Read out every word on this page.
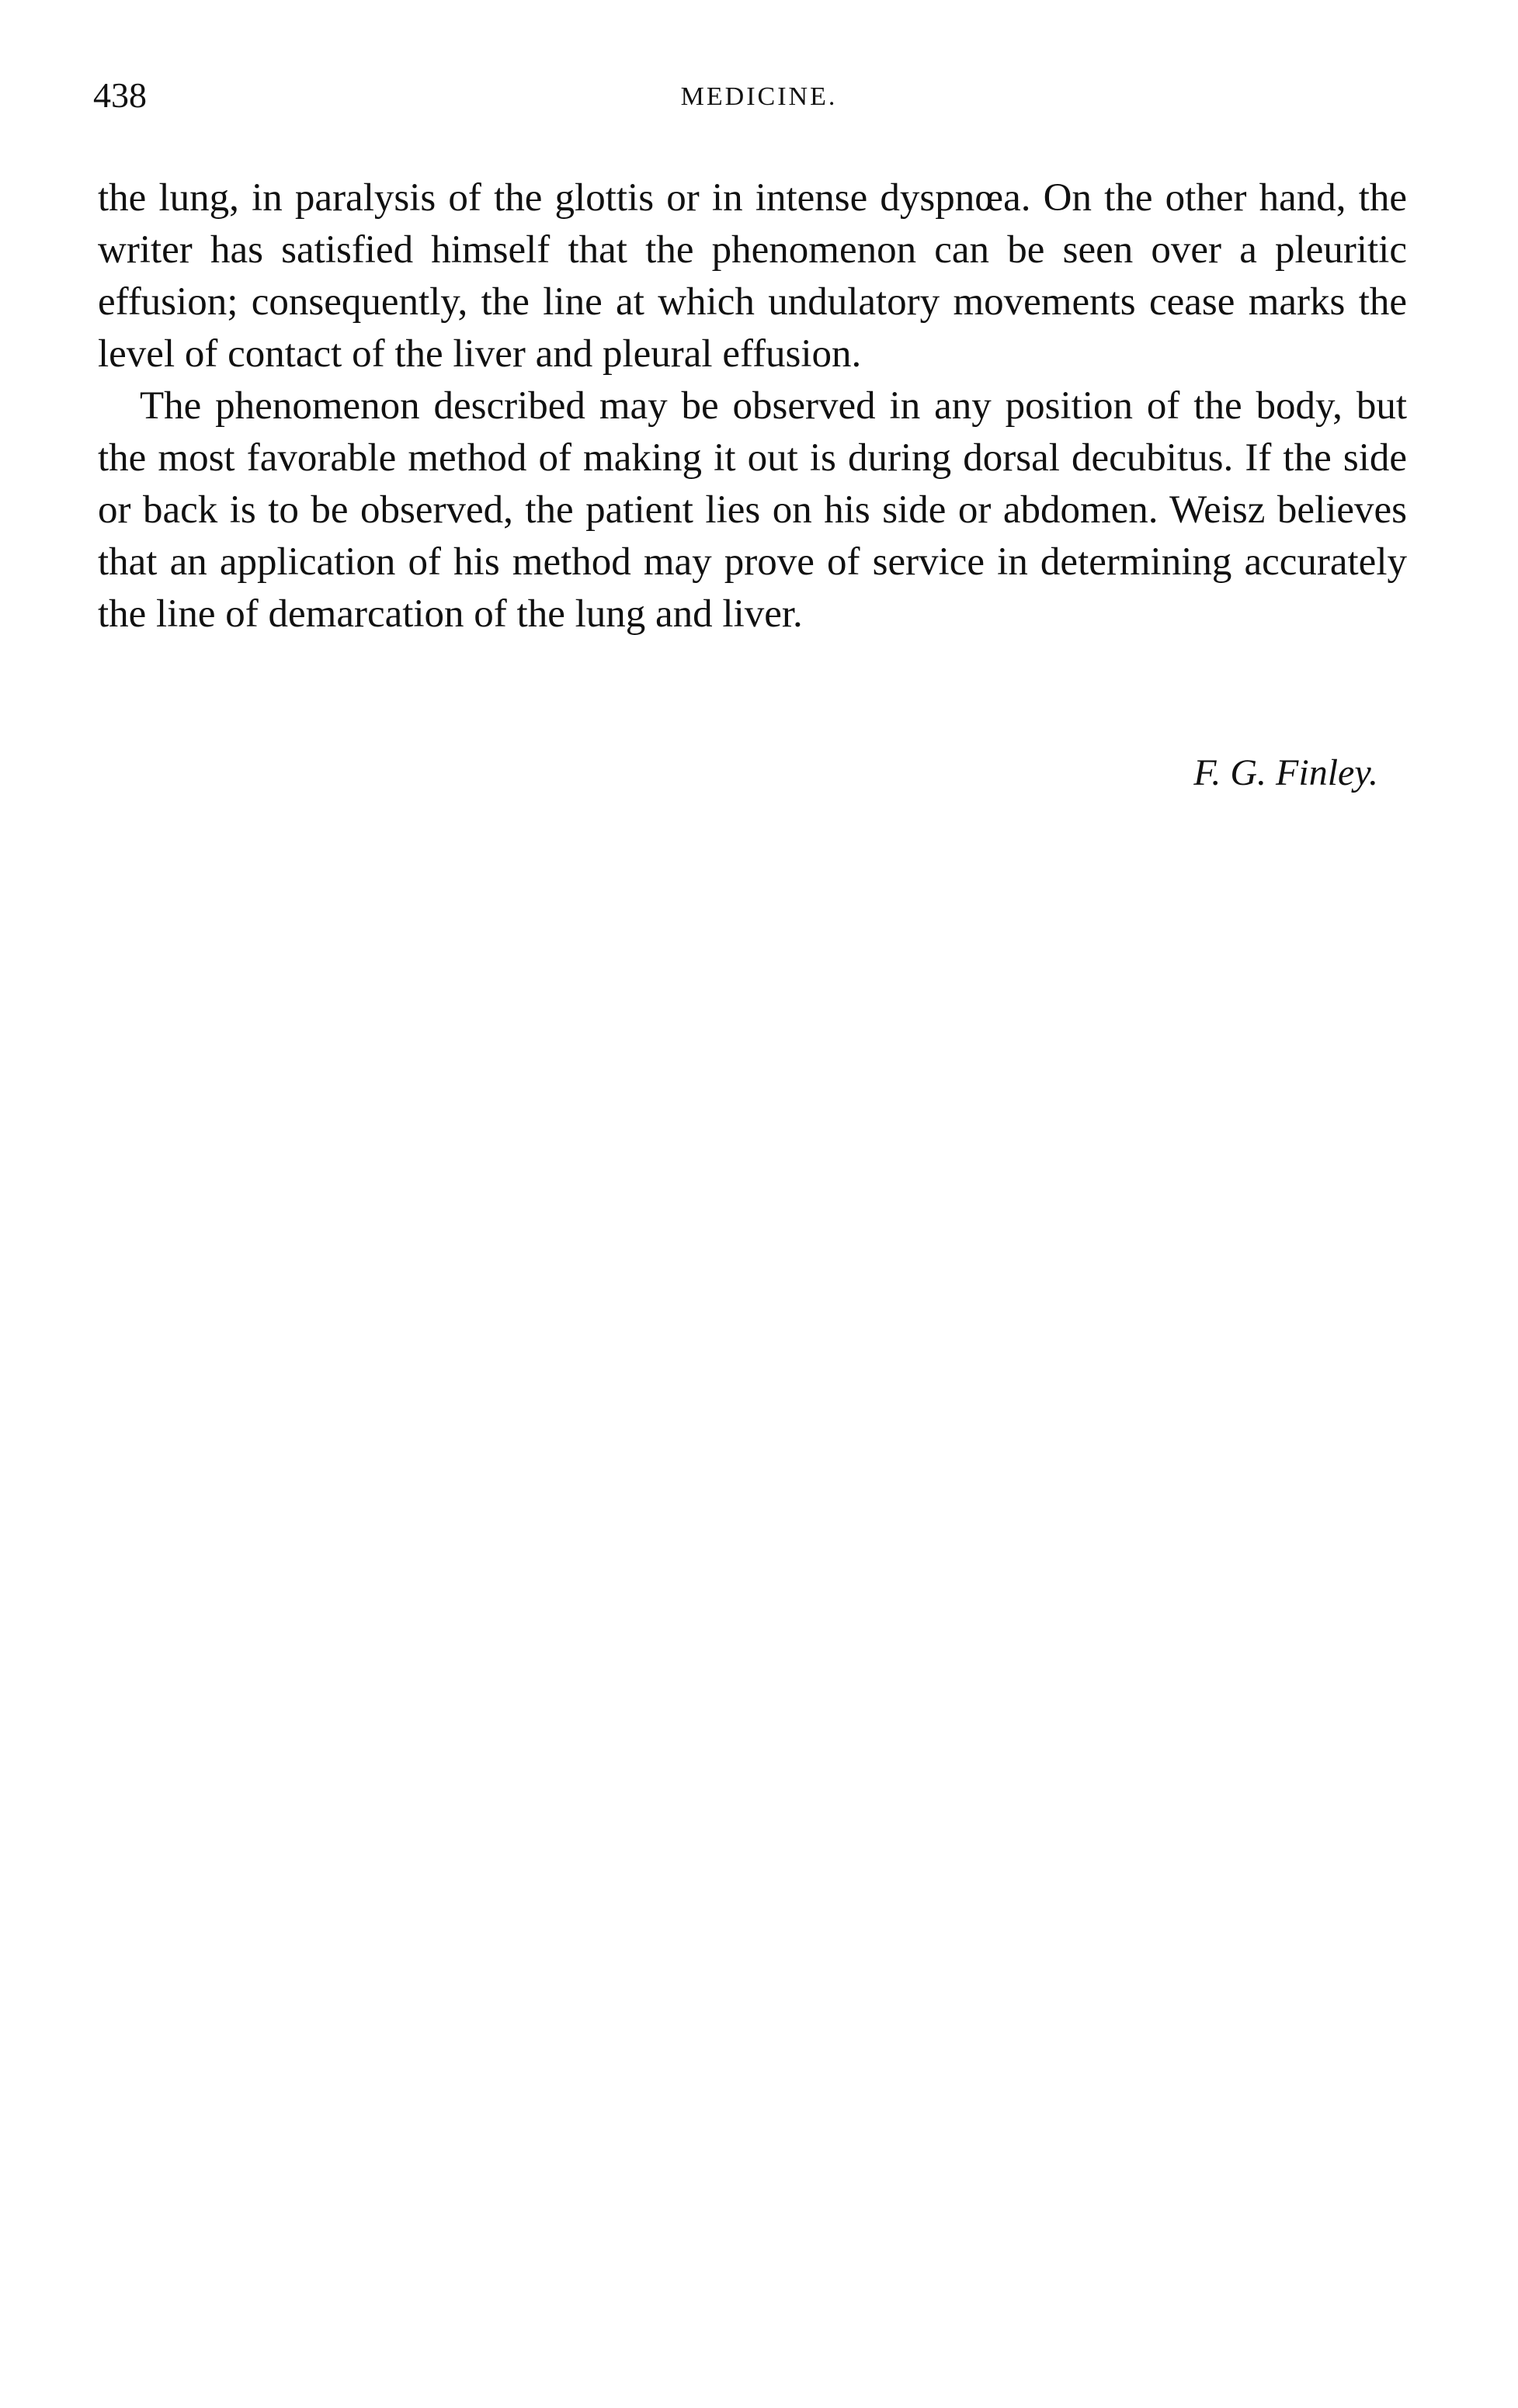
438	MEDICINE.

the lung, in paralysis of the glottis or in intense dyspnœa. On the other hand, the writer has satisfied himself that the phenomenon can be seen over a pleuritic effusion; consequently, the line at which undulatory movements cease marks the level of contact of the liver and pleural effusion.

The phenomenon described may be observed in any position of the body, but the most favorable method of making it out is during dorsal decubitus. If the side or back is to be observed, the patient lies on his side or abdomen. Weisz believes that an application of his method may prove of service in determining accurately the line of demarcation of the lung and liver.

F. G. Finley.
